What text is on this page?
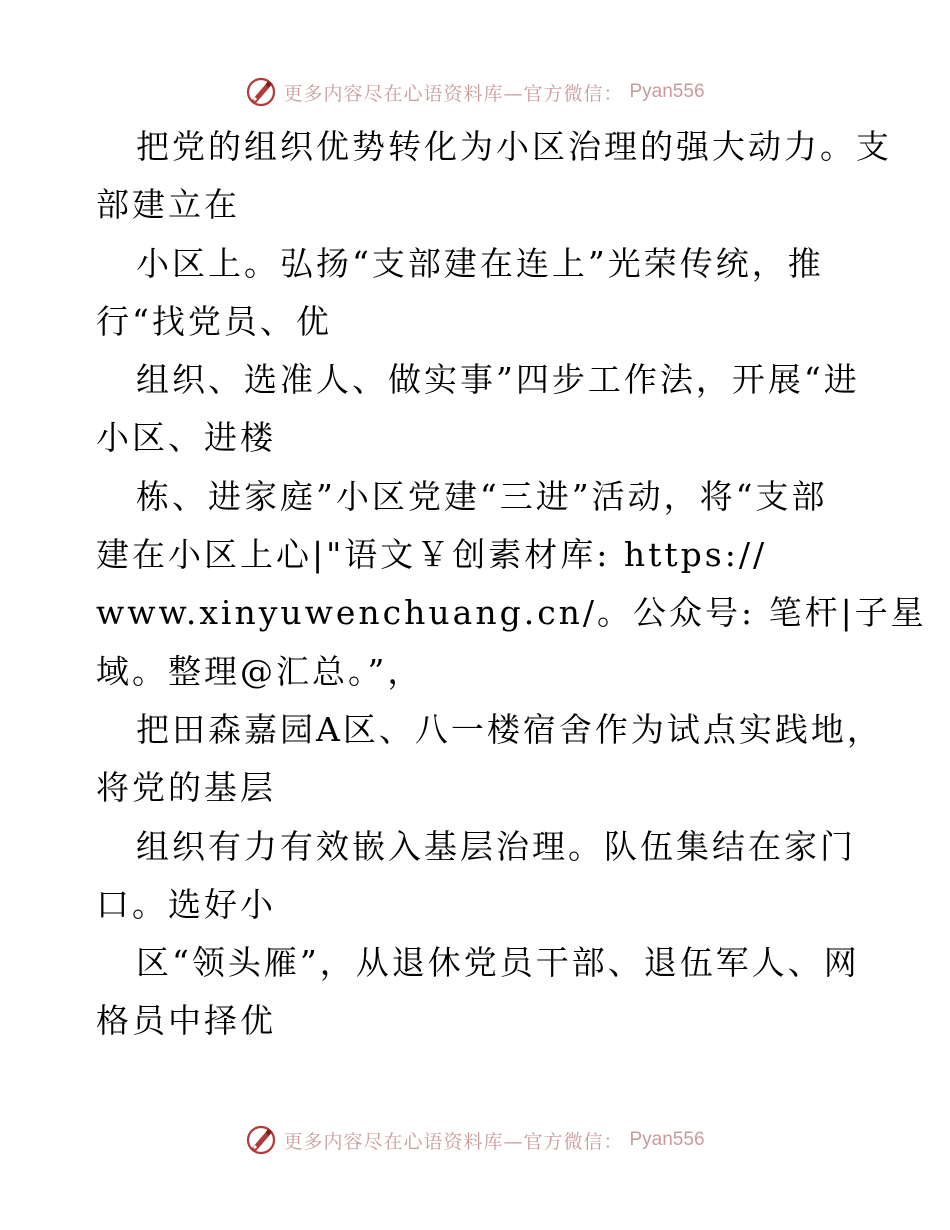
更多内容尽在心语资料库—官方微信： Pyan556
把党的组织优势转化为小区治理的强大动力。支
部建立在
小区上。弘扬“支部建在连上”光荣传统，推
行“找党员、优
组织、选准人、做实事”四步工作法，开展“进
小区、进楼
栋、进家庭”小区党建“三进”活动，将“支部
建在小区上心|"语文￥创素材库: https://
www.xinyuwenchuang.cn/。公众号: 笔杆|子星
域。整理@汇总。”，
把田森嘉园A区、八一楼宿舍作为试点实践地，
将党的基层
组织有力有效嵌入基层治理。队伍集结在家门
口。选好小
区“领头雁”，从退休党员干部、退伍军人、网
格员中择优
更多内容尽在心语资料库—官方微信： Pyan556
